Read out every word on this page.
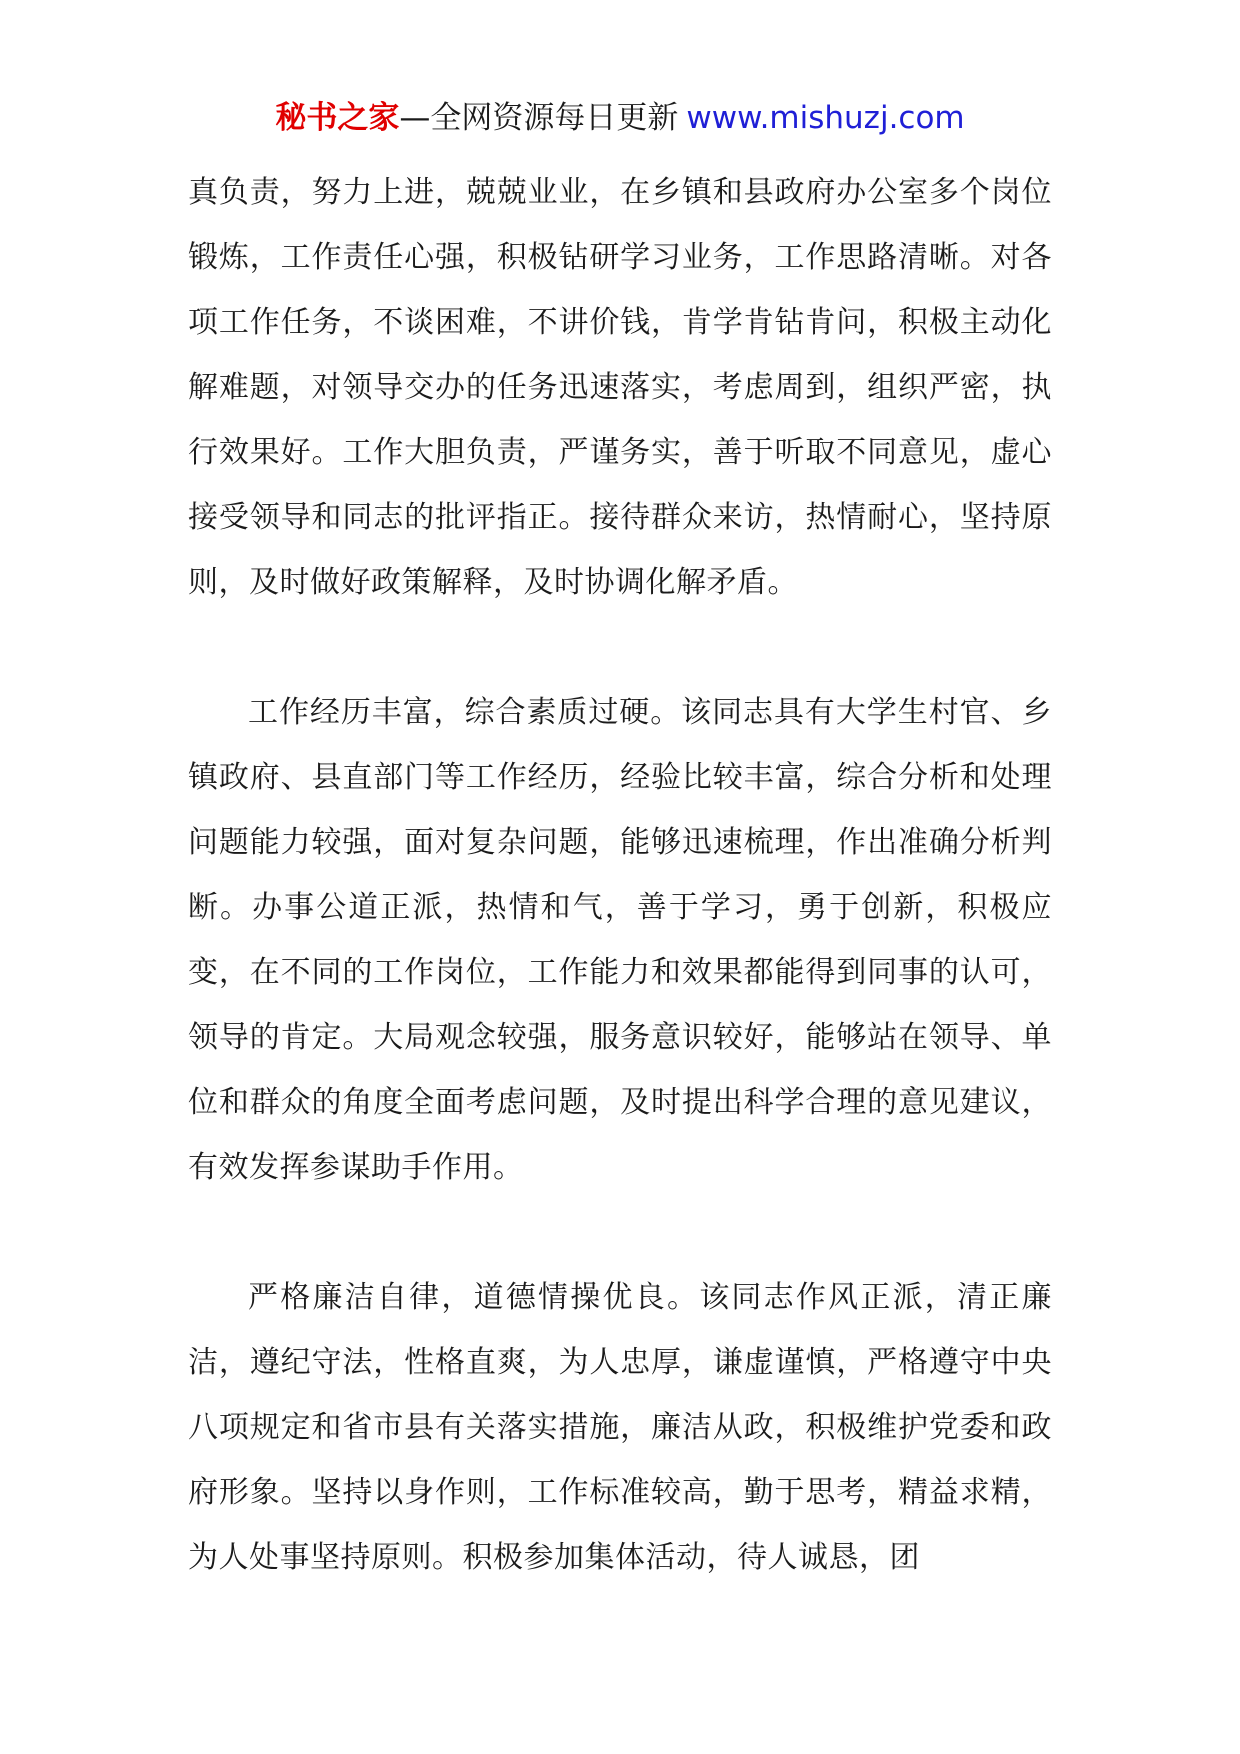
秘书之家—全网资源每日更新 www.mishuzj.com

真负责，努力上进，兢兢业业，在乡镇和县政府办公室多个岗位锻炼，工作责任心强，积极钻研学习业务，工作思路清晰。对各项工作任务，不谈困难，不讲价钱，肯学肯钻肯问，积极主动化解难题，对领导交办的任务迅速落实，考虑周到，组织严密，执行效果好。工作大胆负责，严谨务实，善于听取不同意见，虚心接受领导和同志的批评指正。接待群众来访，热情耐心，坚持原则，及时做好政策解释，及时协调化解矛盾。

工作经历丰富，综合素质过硬。该同志具有大学生村官、乡镇政府、县直部门等工作经历，经验比较丰富，综合分析和处理问题能力较强，面对复杂问题，能够迅速梳理，作出准确分析判断。办事公道正派，热情和气，善于学习，勇于创新，积极应变，在不同的工作岗位，工作能力和效果都能得到同事的认可，领导的肯定。大局观念较强，服务意识较好，能够站在领导、单位和群众的角度全面考虑问题，及时提出科学合理的意见建议，有效发挥参谋助手作用。

严格廉洁自律，道德情操优良。该同志作风正派，清正廉洁，遵纪守法，性格直爽，为人忠厚，谦虚谨慎，严格遵守中央八项规定和省市县有关落实措施，廉洁从政，积极维护党委和政府形象。坚持以身作则，工作标准较高，勤于思考，精益求精，为人处事坚持原则。积极参加集体活动，待人诚恳，团
